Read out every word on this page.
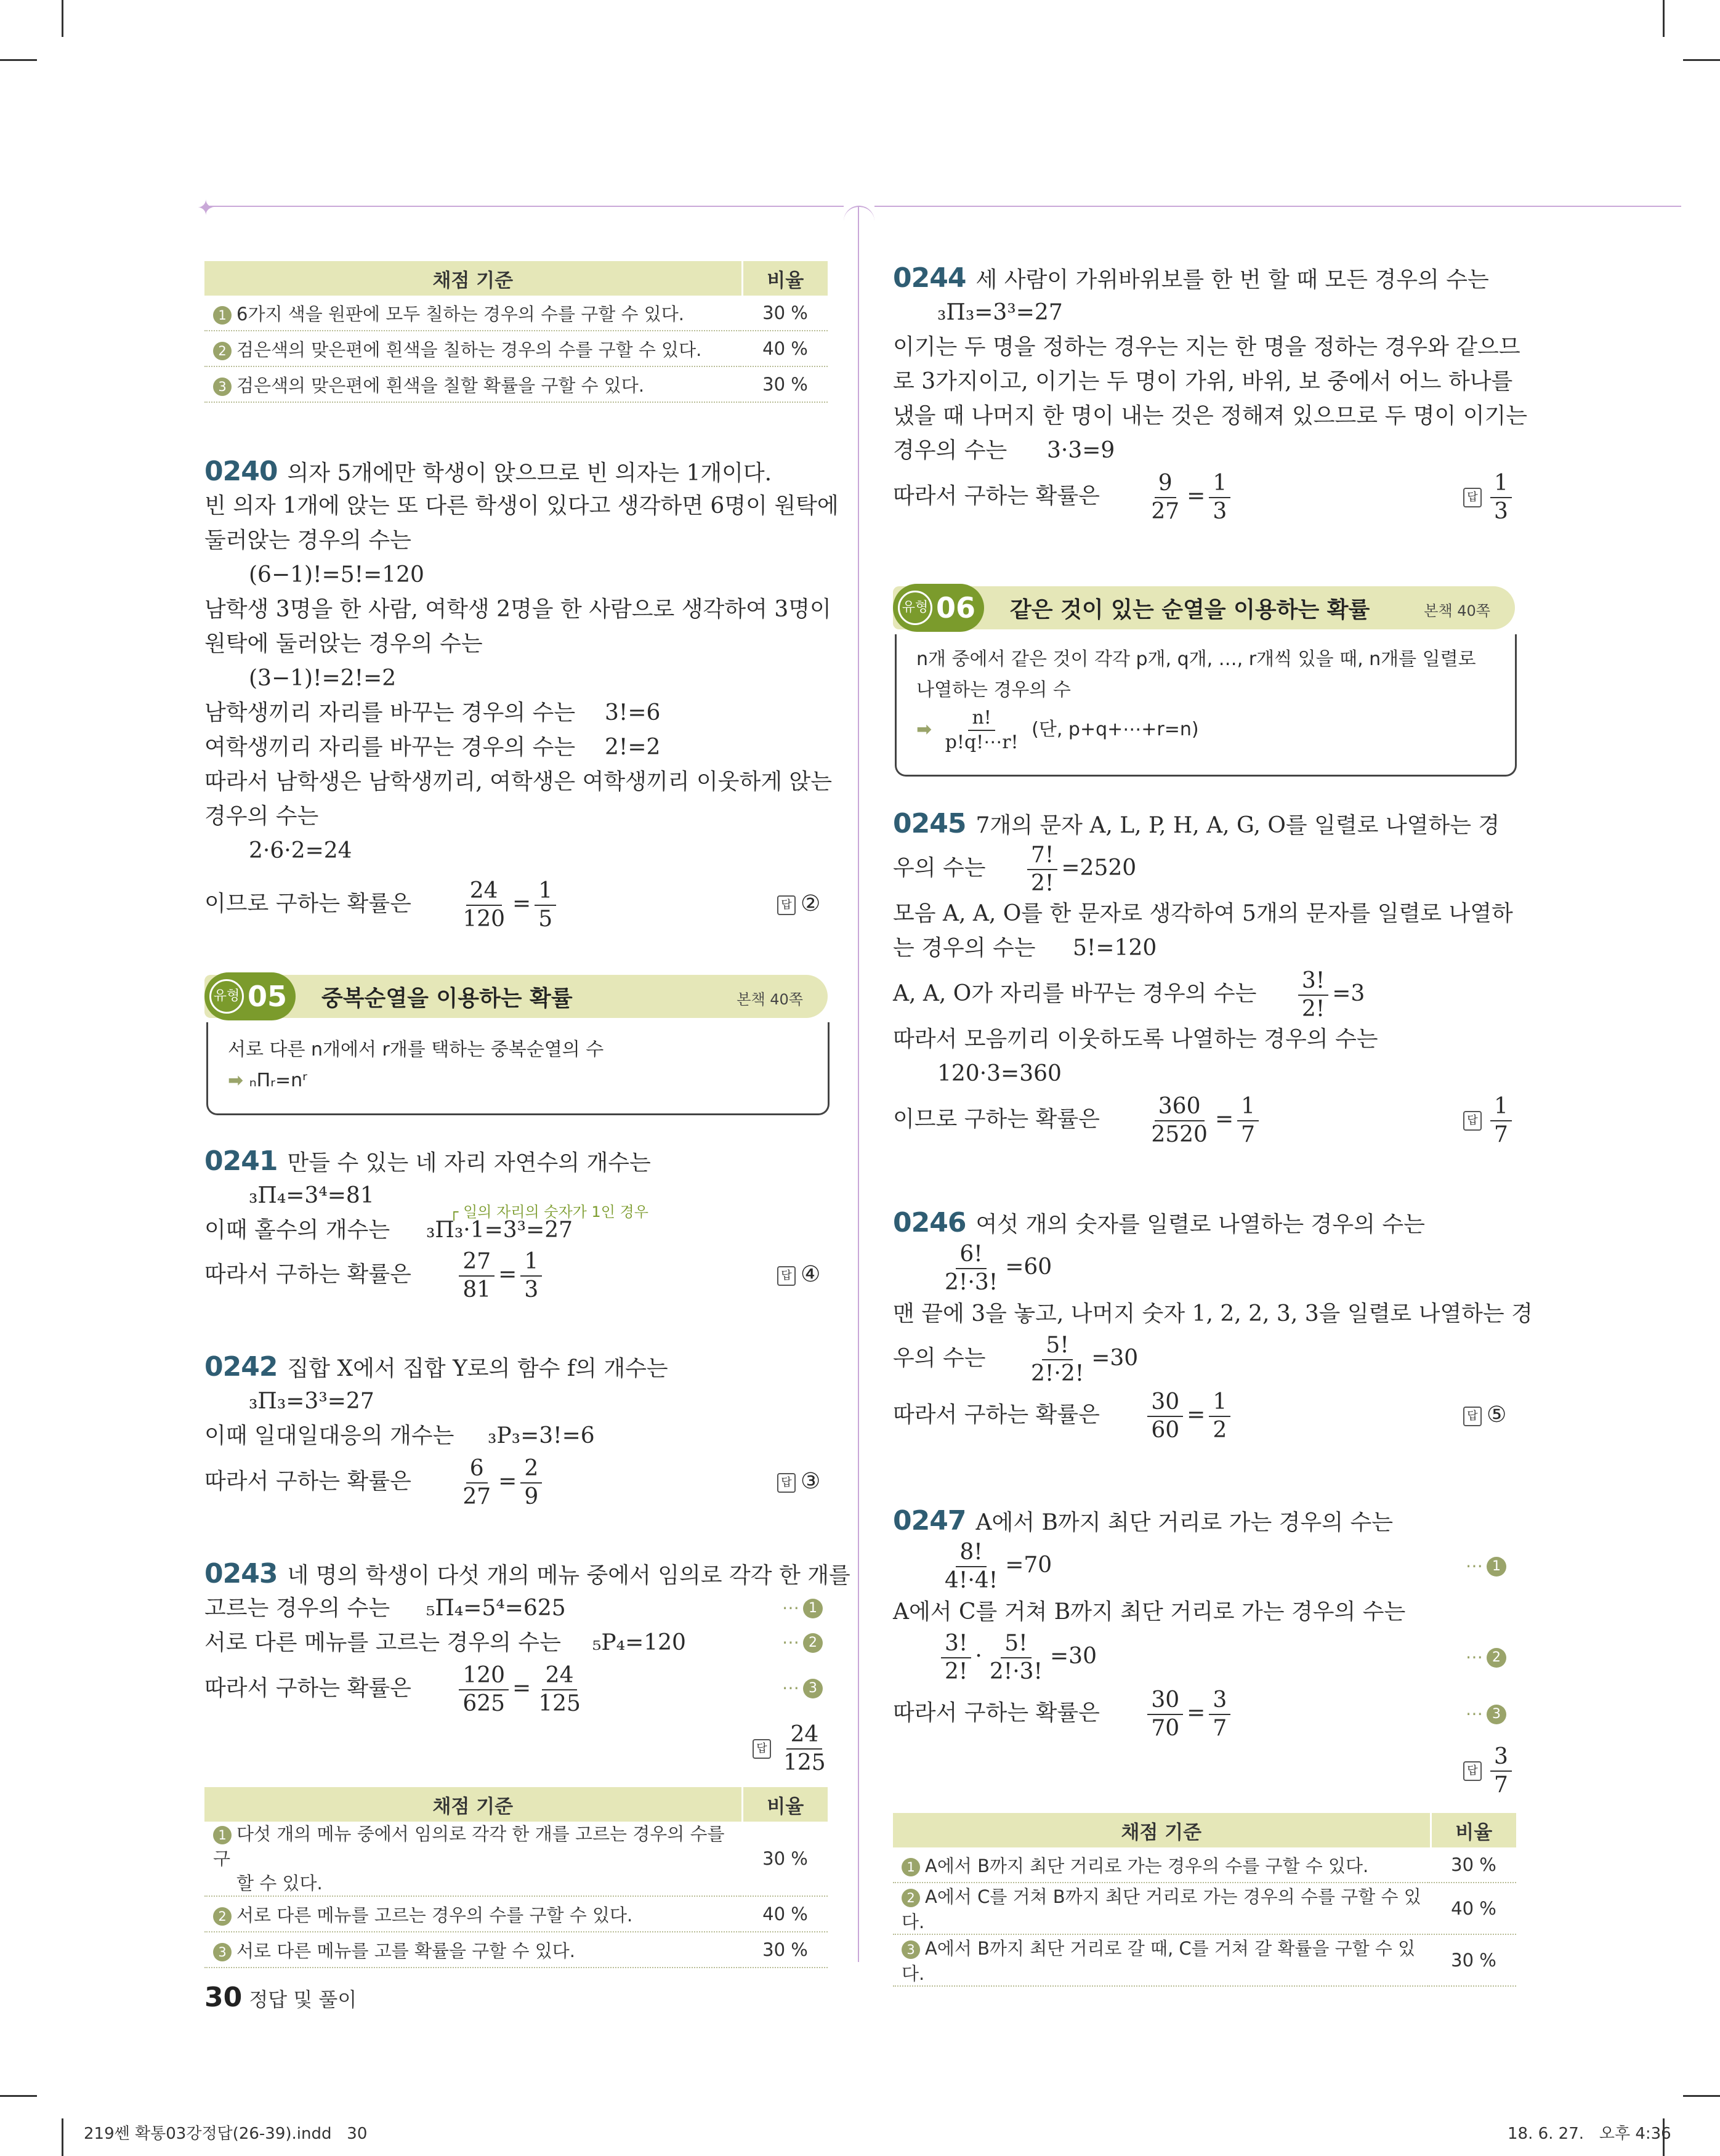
✦
채점 기준	비율
1 6가지 색을 원판에 모두 칠하는 경우의 수를 구할 수 있다.	30 %
2 검은색의 맞은편에 흰색을 칠하는 경우의 수를 구할 수 있다.	40 %
3 검은색의 맞은편에 흰색을 칠할 확률을 구할 수 있다.	30 %
0240 의자 5개에만 학생이 앉으므로 빈 의자는 1개이다.
빈 의자 1개에 앉는 또 다른 학생이 있다고 생각하면 6명이 원탁에
둘러앉는 경우의 수는
(6−1)!=5!=120
남학생 3명을 한 사람, 여학생 2명을 한 사람으로 생각하여 3명이
원탁에 둘러앉는 경우의 수는
(3−1)!=2!=2
남학생끼리 자리를 바꾸는 경우의 수는 3!=6
여학생끼리 자리를 바꾸는 경우의 수는 2!=2
따라서 남학생은 남학생끼리, 여학생은 여학생끼리 이웃하게 앉는
경우의 수는
2·6·2=24
이므로 구하는 확률은 $\frac{24}{120} = \frac{1}{5}$	답 ②
유형 05 중복순열을 이용하는 확률	본책 40쪽
서로 다른 n개에서 r개를 택하는 중복순열의 수
➡ ₙΠᵣ=nʳ
0241 만들 수 있는 네 자리 자연수의 개수는
₃Π₄=3⁴=81
┌ 일의 자리의 숫자가 1인 경우
이때 홀수의 개수는 ₃Π₃·1=3³=27
따라서 구하는 확률은 $\frac{27}{81} = \frac{1}{3}$	답 ④
0242 집합 X에서 집합 Y로의 함수 f의 개수는
₃Π₃=3³=27
이때 일대일대응의 개수는 ₃P₃=3!=6
따라서 구하는 확률은 $\frac{6}{27} = \frac{2}{9}$	답 ③
0243 네 명의 학생이 다섯 개의 메뉴 중에서 임의로 각각 한 개를
고르는 경우의 수는 ₅Π₄=5⁴=625	⋯ 1
서로 다른 메뉴를 고르는 경우의 수는 ₅P₄=120	⋯ 2
따라서 구하는 확률은 $\frac{120}{625} = \frac{24}{125}$	⋯ 3
답 $\frac{24}{125}$
채점 기준	비율
1 다섯 개의 메뉴 중에서 임의로 각각 한 개를 고르는 경우의 수를 구
할 수 있다.	30 %
2 서로 다른 메뉴를 고르는 경우의 수를 구할 수 있다.	40 %
3 서로 다른 메뉴를 고를 확률을 구할 수 있다.	30 %
30 정답 및 풀이
0244 세 사람이 가위바위보를 한 번 할 때 모든 경우의 수는
₃Π₃=3³=27
이기는 두 명을 정하는 경우는 지는 한 명을 정하는 경우와 같으므
로 3가지이고, 이기는 두 명이 가위, 바위, 보 중에서 어느 하나를
냈을 때 나머지 한 명이 내는 것은 정해져 있으므로 두 명이 이기는
경우의 수는 3·3=9
따라서 구하는 확률은 $\frac{9}{27} = \frac{1}{3}$	답 $\frac{1}{3}$
유형 06 같은 것이 있는 순열을 이용하는 확률	본책 40쪽
n개 중에서 같은 것이 각각 p개, q개, …, r개씩 있을 때, n개를 일렬로
나열하는 경우의 수
➡ $\frac{n!}{p!q!\cdots r!}$ (단, p+q+⋯+r=n)
0245 7개의 문자 A, L, P, H, A, G, O를 일렬로 나열하는 경
우의 수는 $\frac{7!}{2!} =2520$
모음 A, A, O를 한 문자로 생각하여 5개의 문자를 일렬로 나열하
는 경우의 수는 5!=120
A, A, O가 자리를 바꾸는 경우의 수는 $\frac{3!}{2!} =3$
따라서 모음끼리 이웃하도록 나열하는 경우의 수는
120·3=360
이므로 구하는 확률은 $\frac{360}{2520} = \frac{1}{7}$	답 $\frac{1}{7}$
0246 여섯 개의 숫자를 일렬로 나열하는 경우의 수는
$\frac{6!}{2!\cdot 3!} =60$
맨 끝에 3을 놓고, 나머지 숫자 1, 2, 2, 3, 3을 일렬로 나열하는 경
우의 수는 $\frac{5!}{2!\cdot 2!} =30$
따라서 구하는 확률은 $\frac{30}{60} = \frac{1}{2}$	답 ⑤
0247 A에서 B까지 최단 거리로 가는 경우의 수는
$\frac{8!}{4!\cdot 4!} =70$	⋯ 1
A에서 C를 거쳐 B까지 최단 거리로 가는 경우의 수는
$\frac{3!}{2!} \cdot \frac{5!}{2!\cdot 3!} =30$	⋯ 2
따라서 구하는 확률은 $\frac{30}{70} = \frac{3}{7}$	⋯ 3
답 $\frac{3}{7}$
채점 기준	비율
1 A에서 B까지 최단 거리로 가는 경우의 수를 구할 수 있다.	30 %
2 A에서 C를 거쳐 B까지 최단 거리로 가는 경우의 수를 구할 수 있다.	40 %
3 A에서 B까지 최단 거리로 갈 때, C를 거쳐 갈 확률을 구할 수 있다.	30 %
219쎈 확통03강정답(26-39).indd   30	18. 6. 27.   오후 4:36
